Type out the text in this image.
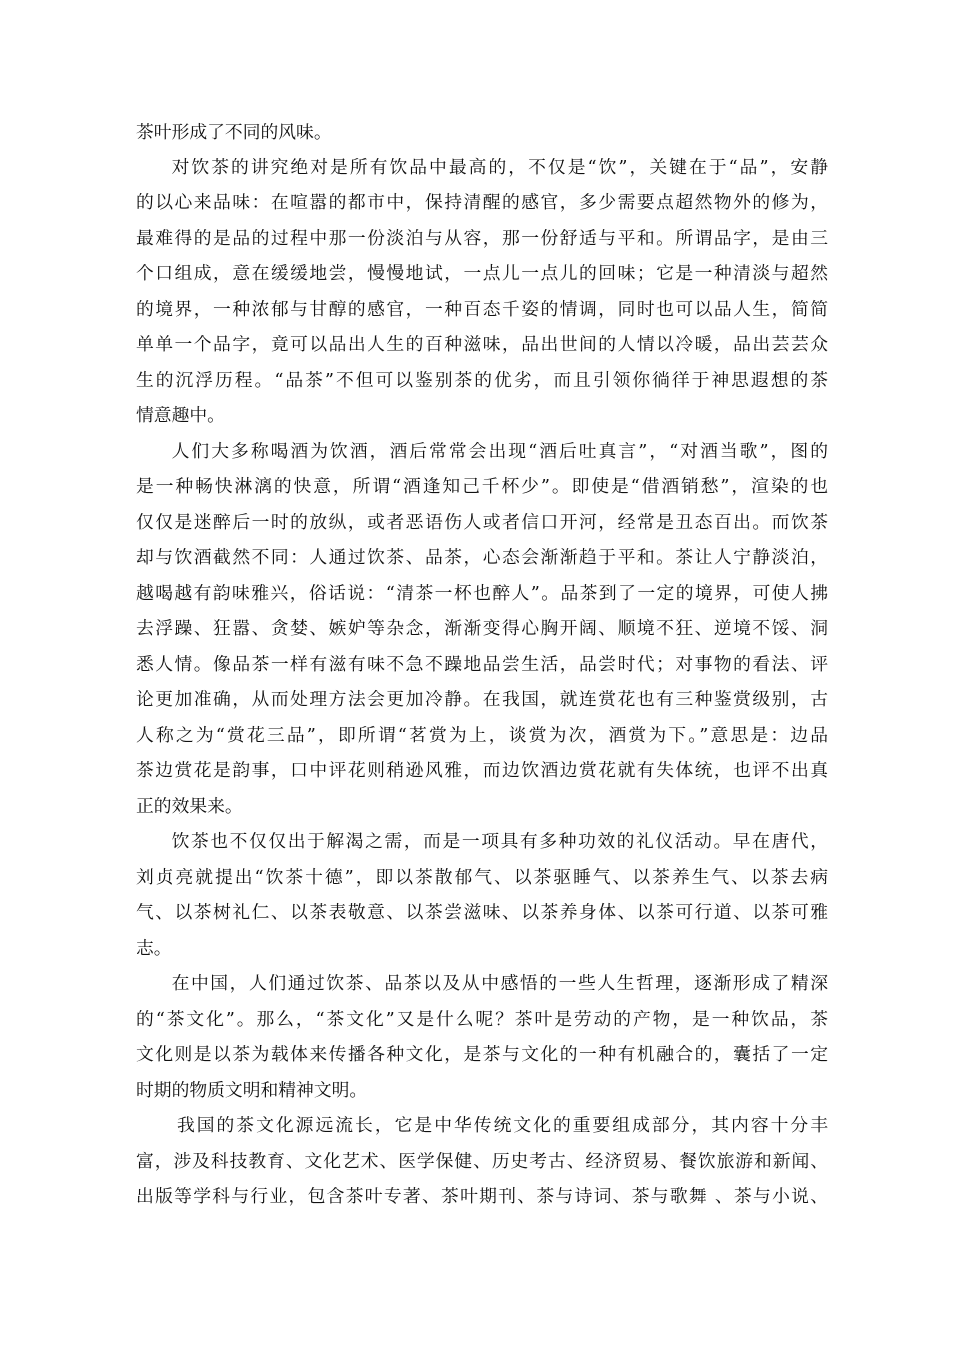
茶叶形成了不同的风味。
对饮茶的讲究绝对是所有饮品中最高的，不仅是“饮”，关键在于“品”，安静
的以心来品味：在喧嚣的都市中，保持清醒的感官，多少需要点超然物外的修为，
最难得的是品的过程中那一份淡泊与从容，那一份舒适与平和。所谓品字，是由三
个口组成，意在缓缓地尝，慢慢地试，一点儿一点儿的回味；它是一种清淡与超然
的境界，一种浓郁与甘醇的感官，一种百态千姿的情调，同时也可以品人生，简简
单单一个品字，竟可以品出人生的百种滋味，品出世间的人情以冷暖，品出芸芸众
生的沉浮历程。“品茶”不但可以鉴别茶的优劣，而且引领你徜徉于神思遐想的茶
情意趣中。
人们大多称喝酒为饮酒，酒后常常会出现“酒后吐真言”，“对酒当歌”，图的
是一种畅快淋漓的快意，所谓“酒逢知己千杯少”。即使是“借酒销愁”，渲染的也
仅仅是迷醉后一时的放纵，或者恶语伤人或者信口开河，经常是丑态百出。而饮茶
却与饮酒截然不同：人通过饮茶、品茶，心态会渐渐趋于平和。茶让人宁静淡泊，
越喝越有韵味雅兴，俗话说：“清茶一杯也醉人”。品茶到了一定的境界，可使人拂
去浮躁、狂嚣、贪婪、嫉妒等杂念，渐渐变得心胸开阔、顺境不狂、逆境不馁、洞
悉人情。像品茶一样有滋有味不急不躁地品尝生活，品尝时代；对事物的看法、评
论更加准确，从而处理方法会更加冷静。在我国，就连赏花也有三种鉴赏级别，古
人称之为“赏花三品”，即所谓“茗赏为上，谈赏为次，酒赏为下。”意思是：边品
茶边赏花是韵事，口中评花则稍逊风雅，而边饮酒边赏花就有失体统，也评不出真
正的效果来。
饮茶也不仅仅出于解渴之需，而是一项具有多种功效的礼仪活动。早在唐代，
刘贞亮就提出“饮茶十德”，即以茶散郁气、以茶驱睡气、以茶养生气、以茶去病
气、以茶树礼仁、以茶表敬意、以茶尝滋味、以茶养身体、以茶可行道、以茶可雅
志。
在中国，人们通过饮茶、品茶以及从中感悟的一些人生哲理，逐渐形成了精深
的“茶文化”。那么，“茶文化”又是什么呢？茶叶是劳动的产物，是一种饮品，茶
文化则是以茶为载体来传播各种文化，是茶与文化的一种有机融合的，囊括了一定
时期的物质文明和精神文明。
我国的茶文化源远流长，它是中华传统文化的重要组成部分，其内容十分丰
富，涉及科技教育、文化艺术、医学保健、历史考古、经济贸易、餐饮旅游和新闻、
出版等学科与行业，包含茶叶专著、茶叶期刊、茶与诗词、茶与歌舞 、茶与小说、
